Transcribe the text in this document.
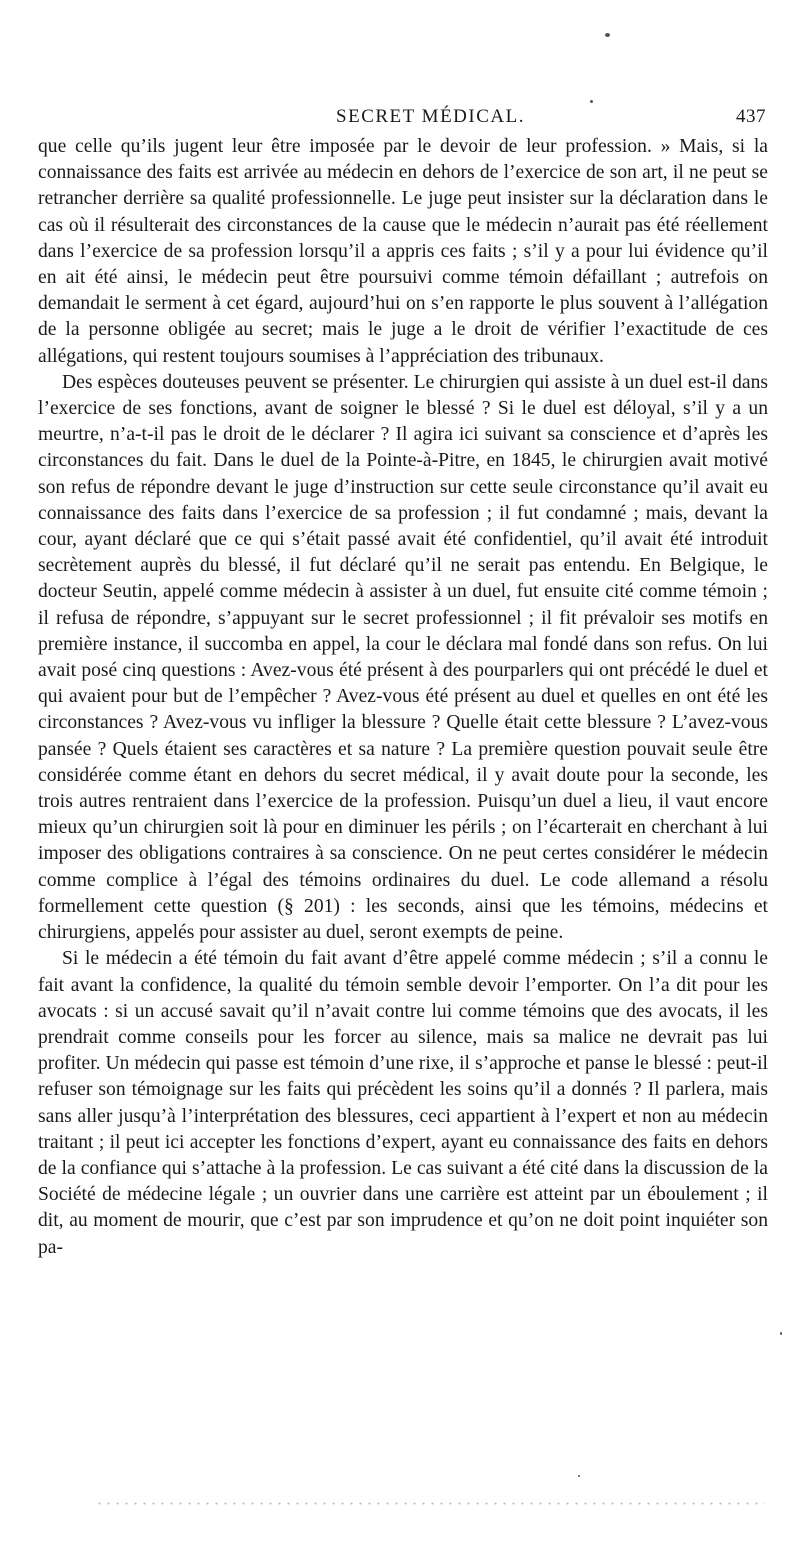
SECRET MÉDICAL.	437

que celle qu’ils jugent leur être imposée par le devoir de leur profession. » Mais, si la connaissance des faits est arrivée au médecin en dehors de l’exercice de son art, il ne peut se retrancher derrière sa qualité professionnelle. Le juge peut insister sur la déclaration dans le cas où il résulterait des circonstances de la cause que le médecin n’aurait pas été réellement dans l’exercice de sa profession lorsqu’il a appris ces faits ; s’il y a pour lui évidence qu’il en ait été ainsi, le médecin peut être poursuivi comme témoin défaillant ; autrefois on demandait le serment à cet égard, aujourd’hui on s’en rapporte le plus souvent à l’allégation de la personne obligée au secret; mais le juge a le droit de vérifier l’exactitude de ces allégations, qui restent toujours soumises à l’appréciation des tribunaux.

Des espèces douteuses peuvent se présenter. Le chirurgien qui assiste à un duel est-il dans l’exercice de ses fonctions, avant de soigner le blessé ? Si le duel est déloyal, s’il y a un meurtre, n’a-t-il pas le droit de le déclarer ? Il agira ici suivant sa conscience et d’après les circonstances du fait. Dans le duel de la Pointe-à-Pitre, en 1845, le chirurgien avait motivé son refus de répondre devant le juge d’instruction sur cette seule circonstance qu’il avait eu connaissance des faits dans l’exercice de sa profession ; il fut condamné ; mais, devant la cour, ayant déclaré que ce qui s’était passé avait été confidentiel, qu’il avait été introduit secrètement auprès du blessé, il fut déclaré qu’il ne serait pas entendu. En Belgique, le docteur Seutin, appelé comme médecin à assister à un duel, fut ensuite cité comme témoin ; il refusa de répondre, s’appuyant sur le secret professionnel ; il fit prévaloir ses motifs en première instance, il succomba en appel, la cour le déclara mal fondé dans son refus. On lui avait posé cinq questions : Avez-vous été présent à des pourparlers qui ont précédé le duel et qui avaient pour but de l’empêcher ? Avez-vous été présent au duel et quelles en ont été les circonstances ? Avez-vous vu infliger la blessure ? Quelle était cette blessure ? L’avez-vous pansée ? Quels étaient ses caractères et sa nature ? La première question pouvait seule être considérée comme étant en dehors du secret médical, il y avait doute pour la seconde, les trois autres rentraient dans l’exercice de la profession. Puisqu’un duel a lieu, il vaut encore mieux qu’un chirurgien soit là pour en diminuer les périls ; on l’écarterait en cherchant à lui imposer des obligations contraires à sa conscience. On ne peut certes considérer le médecin comme complice à l’égal des témoins ordinaires du duel. Le code allemand a résolu formellement cette question (§ 201) : les seconds, ainsi que les témoins, médecins et chirurgiens, appelés pour assister au duel, seront exempts de peine.

Si le médecin a été témoin du fait avant d’être appelé comme médecin ; s’il a connu le fait avant la confidence, la qualité du témoin semble devoir l’emporter. On l’a dit pour les avocats : si un accusé savait qu’il n’avait contre lui comme témoins que des avocats, il les prendrait comme conseils pour les forcer au silence, mais sa malice ne devrait pas lui profiter. Un médecin qui passe est témoin d’une rixe, il s’approche et panse le blessé : peut-il refuser son témoignage sur les faits qui précèdent les soins qu’il a donnés ? Il parlera, mais sans aller jusqu’à l’interprétation des blessures, ceci appartient à l’expert et non au médecin traitant ; il peut ici accepter les fonctions d’expert, ayant eu connaissance des faits en dehors de la confiance qui s’attache à la profession. Le cas suivant a été cité dans la discussion de la Société de médecine légale ; un ouvrier dans une carrière est atteint par un éboulement ; il dit, au moment de mourir, que c’est par son imprudence et qu’on ne doit point inquiéter son pa-
